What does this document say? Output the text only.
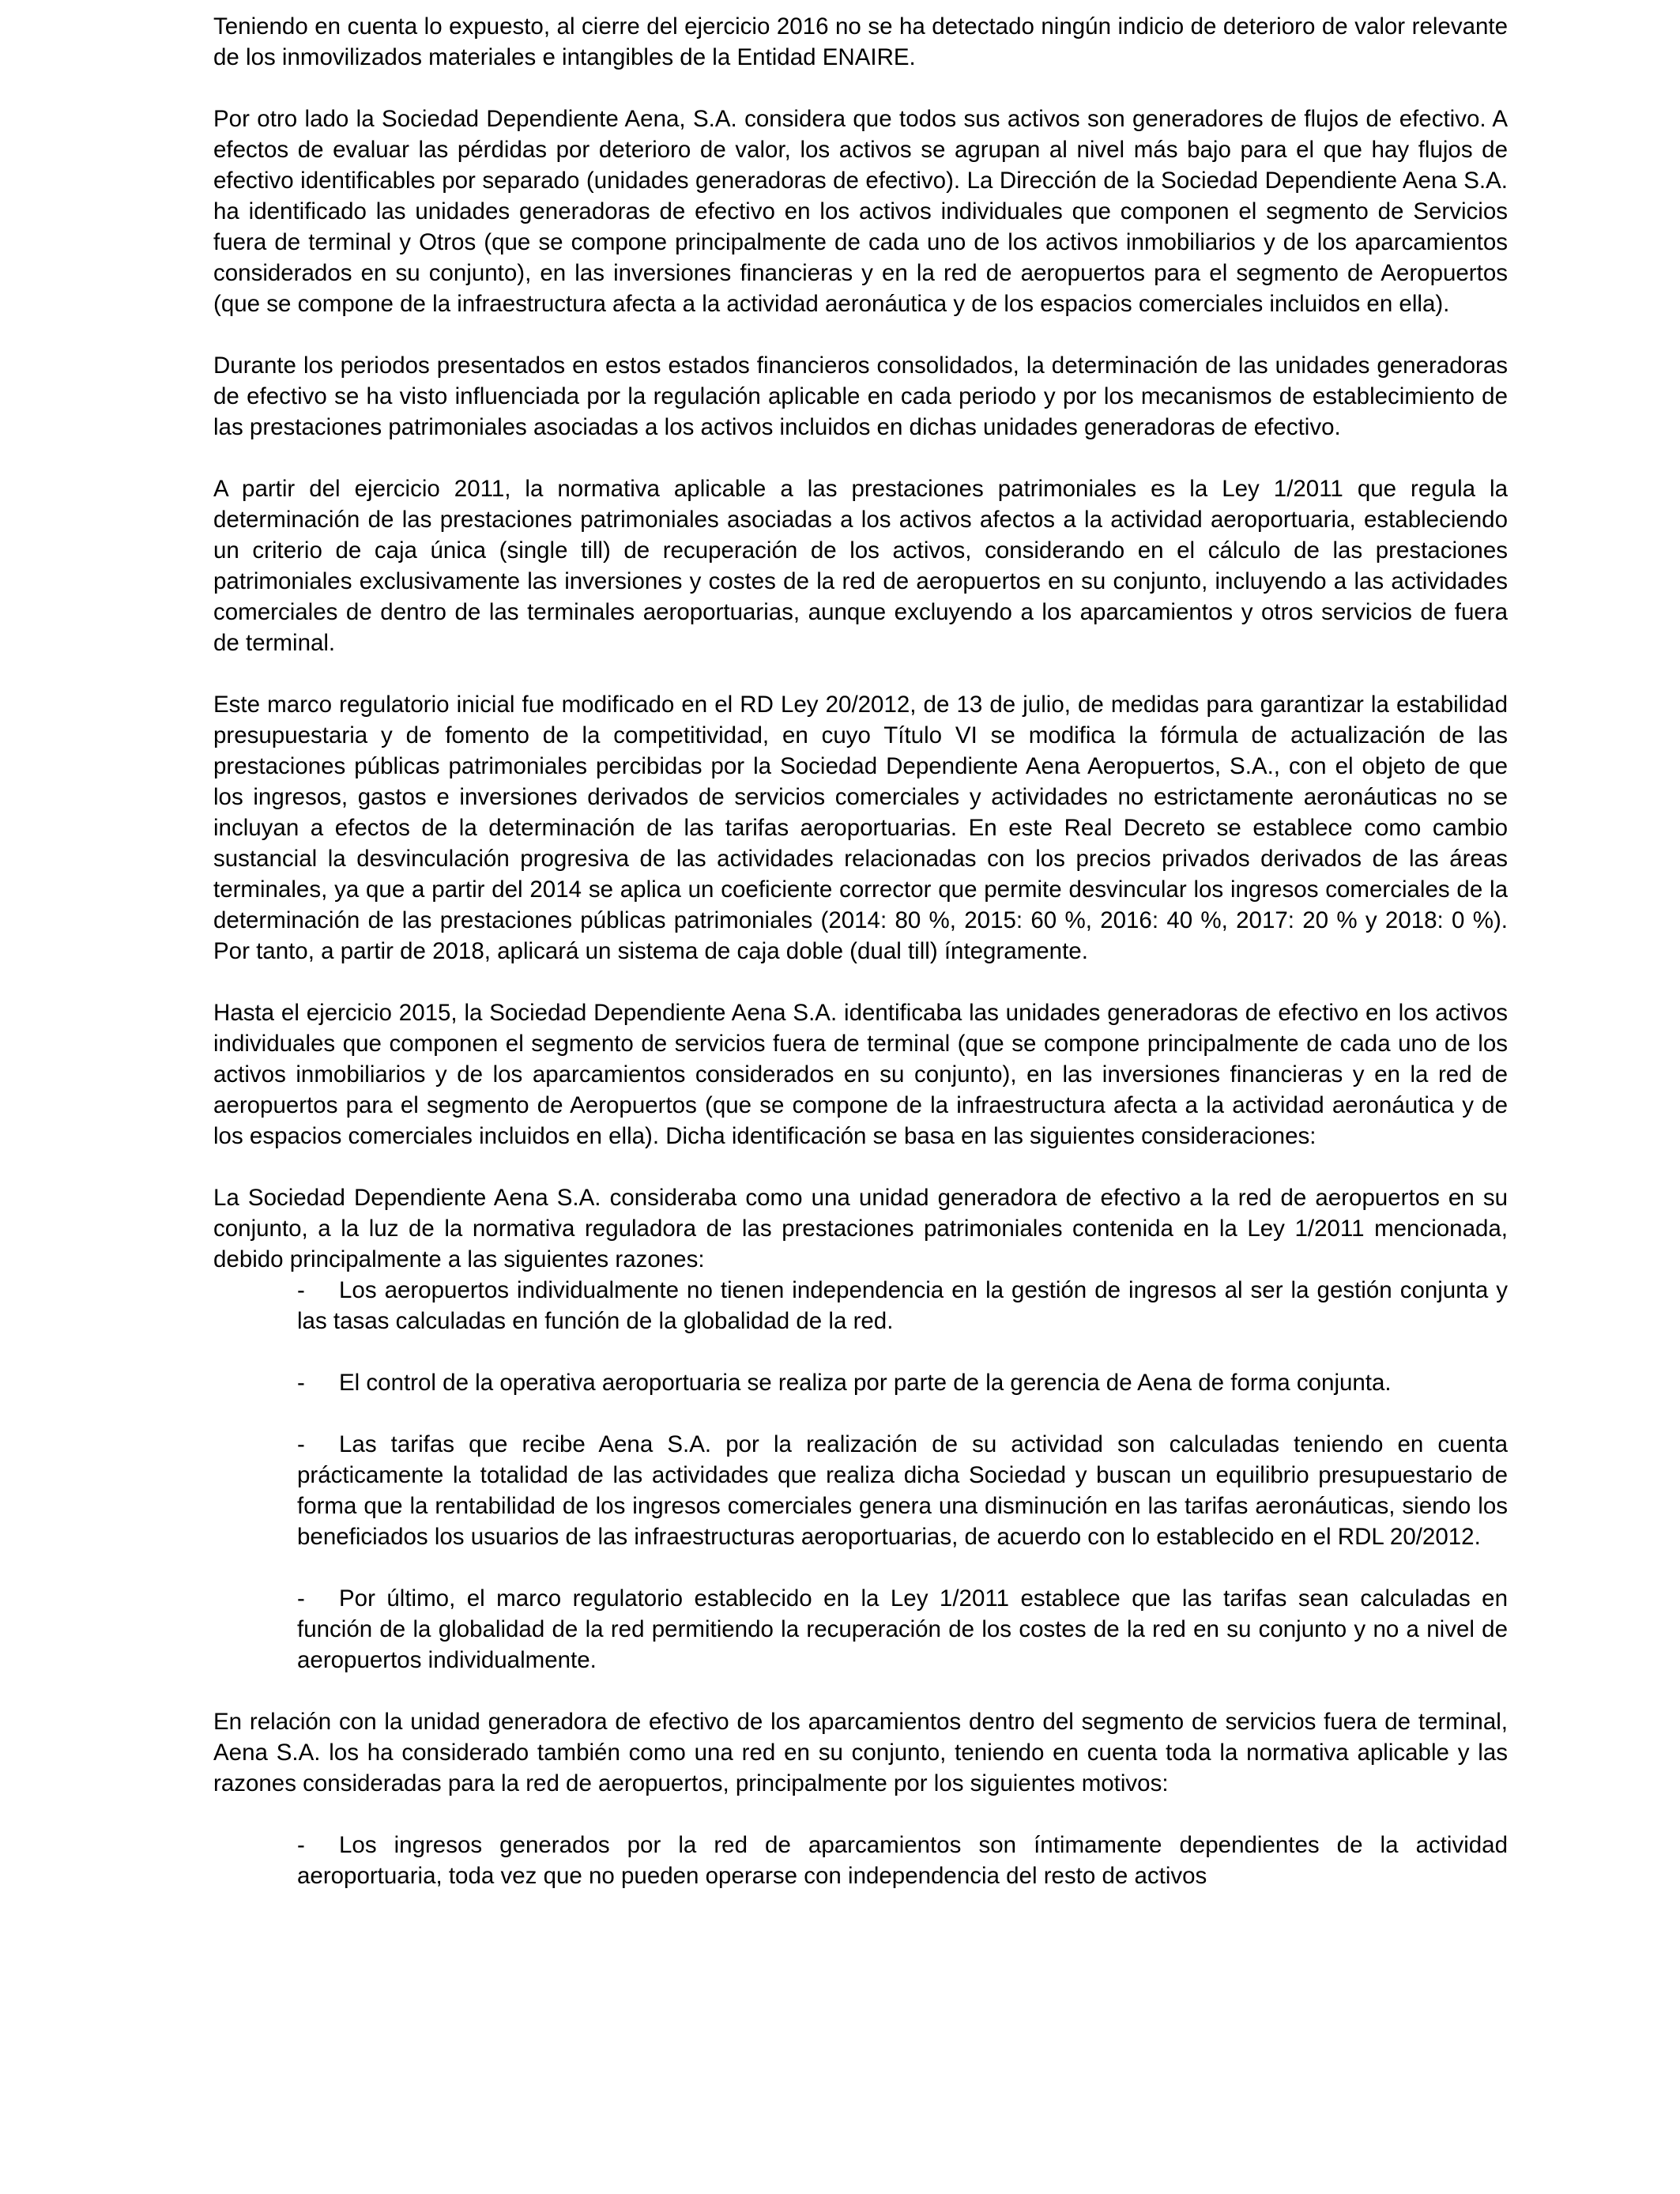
Teniendo en cuenta lo expuesto, al cierre del ejercicio 2016 no se ha detectado ningún indicio de deterioro de valor relevante de los inmovilizados materiales e intangibles de la Entidad ENAIRE.

Por otro lado la Sociedad Dependiente Aena, S.A. considera que todos sus activos son generadores de flujos de efectivo. A efectos de evaluar las pérdidas por deterioro de valor, los activos se agrupan al nivel más bajo para el que hay flujos de efectivo identificables por separado (unidades generadoras de efectivo). La Dirección de la Sociedad Dependiente Aena S.A. ha identificado las unidades generadoras de efectivo en los activos individuales que componen el segmento de Servicios fuera de terminal y Otros (que se compone principalmente de cada uno de los activos inmobiliarios y de los aparcamientos considerados en su conjunto), en las inversiones financieras y en la red de aeropuertos para el segmento de Aeropuertos (que se compone de la infraestructura afecta a la actividad aeronáutica y de los espacios comerciales incluidos en ella).

Durante los periodos presentados en estos estados financieros consolidados, la determinación de las unidades generadoras de efectivo se ha visto influenciada por la regulación aplicable en cada periodo y por los mecanismos de establecimiento de las prestaciones patrimoniales asociadas a los activos incluidos en dichas unidades generadoras de efectivo.

A partir del ejercicio 2011, la normativa aplicable a las prestaciones patrimoniales es la Ley 1/2011 que regula la determinación de las prestaciones patrimoniales asociadas a los activos afectos a la actividad aeroportuaria, estableciendo un criterio de caja única (single till) de recuperación de los activos, considerando en el cálculo de las prestaciones patrimoniales exclusivamente las inversiones y costes de la red de aeropuertos en su conjunto, incluyendo a las actividades comerciales de dentro de las terminales aeroportuarias, aunque excluyendo a los aparcamientos y otros servicios de fuera de terminal.

Este marco regulatorio inicial fue modificado en el RD Ley 20/2012, de 13 de julio, de medidas para garantizar la estabilidad presupuestaria y de fomento de la competitividad, en cuyo Título VI se modifica la fórmula de actualización de las prestaciones públicas patrimoniales percibidas por la Sociedad Dependiente Aena Aeropuertos, S.A., con el objeto de que los ingresos, gastos e inversiones derivados de servicios comerciales y actividades no estrictamente aeronáuticas no se incluyan a efectos de la determinación de las tarifas aeroportuarias. En este Real Decreto se establece como cambio sustancial la desvinculación progresiva de las actividades relacionadas con los precios privados derivados de las áreas terminales, ya que a partir del 2014 se aplica un coeficiente corrector que permite desvincular los ingresos comerciales de la determinación de las prestaciones públicas patrimoniales (2014: 80 %, 2015: 60 %, 2016: 40 %, 2017: 20 % y 2018: 0 %). Por tanto, a partir de 2018, aplicará un sistema de caja doble (dual till) íntegramente.

Hasta el ejercicio 2015, la Sociedad Dependiente Aena S.A. identificaba las unidades generadoras de efectivo en los activos individuales que componen el segmento de servicios fuera de terminal (que se compone principalmente de cada uno de los activos inmobiliarios y de los aparcamientos considerados en su conjunto), en las inversiones financieras y en la red de aeropuertos para el segmento de Aeropuertos (que se compone de la infraestructura afecta a la actividad aeronáutica y de los espacios comerciales incluidos en ella). Dicha identificación se basa en las siguientes consideraciones:

La Sociedad Dependiente Aena S.A. consideraba como una unidad generadora de efectivo a la red de aeropuertos en su conjunto, a la luz de la normativa reguladora de las prestaciones patrimoniales contenida en la Ley 1/2011 mencionada, debido principalmente a las siguientes razones:

- Los aeropuertos individualmente no tienen independencia en la gestión de ingresos al ser la gestión conjunta y las tasas calculadas en función de la globalidad de la red.
- El control de la operativa aeroportuaria se realiza por parte de la gerencia de Aena de forma conjunta.
- Las tarifas que recibe Aena S.A. por la realización de su actividad son calculadas teniendo en cuenta prácticamente la totalidad de las actividades que realiza dicha Sociedad y buscan un equilibrio presupuestario de forma que la rentabilidad de los ingresos comerciales genera una disminución en las tarifas aeronáuticas, siendo los beneficiados los usuarios de las infraestructuras aeroportuarias, de acuerdo con lo establecido en el RDL 20/2012.
- Por último, el marco regulatorio establecido en la Ley 1/2011 establece que las tarifas sean calculadas en función de la globalidad de la red permitiendo la recuperación de los costes de la red en su conjunto y no a nivel de aeropuertos individualmente.

En relación con la unidad generadora de efectivo de los aparcamientos dentro del segmento de servicios fuera de terminal, Aena S.A. los ha considerado también como una red en su conjunto, teniendo en cuenta toda la normativa aplicable y las razones consideradas para la red de aeropuertos, principalmente por los siguientes motivos:

- Los ingresos generados por la red de aparcamientos son íntimamente dependientes de la actividad aeroportuaria, toda vez que no pueden operarse con independencia del resto de activos
